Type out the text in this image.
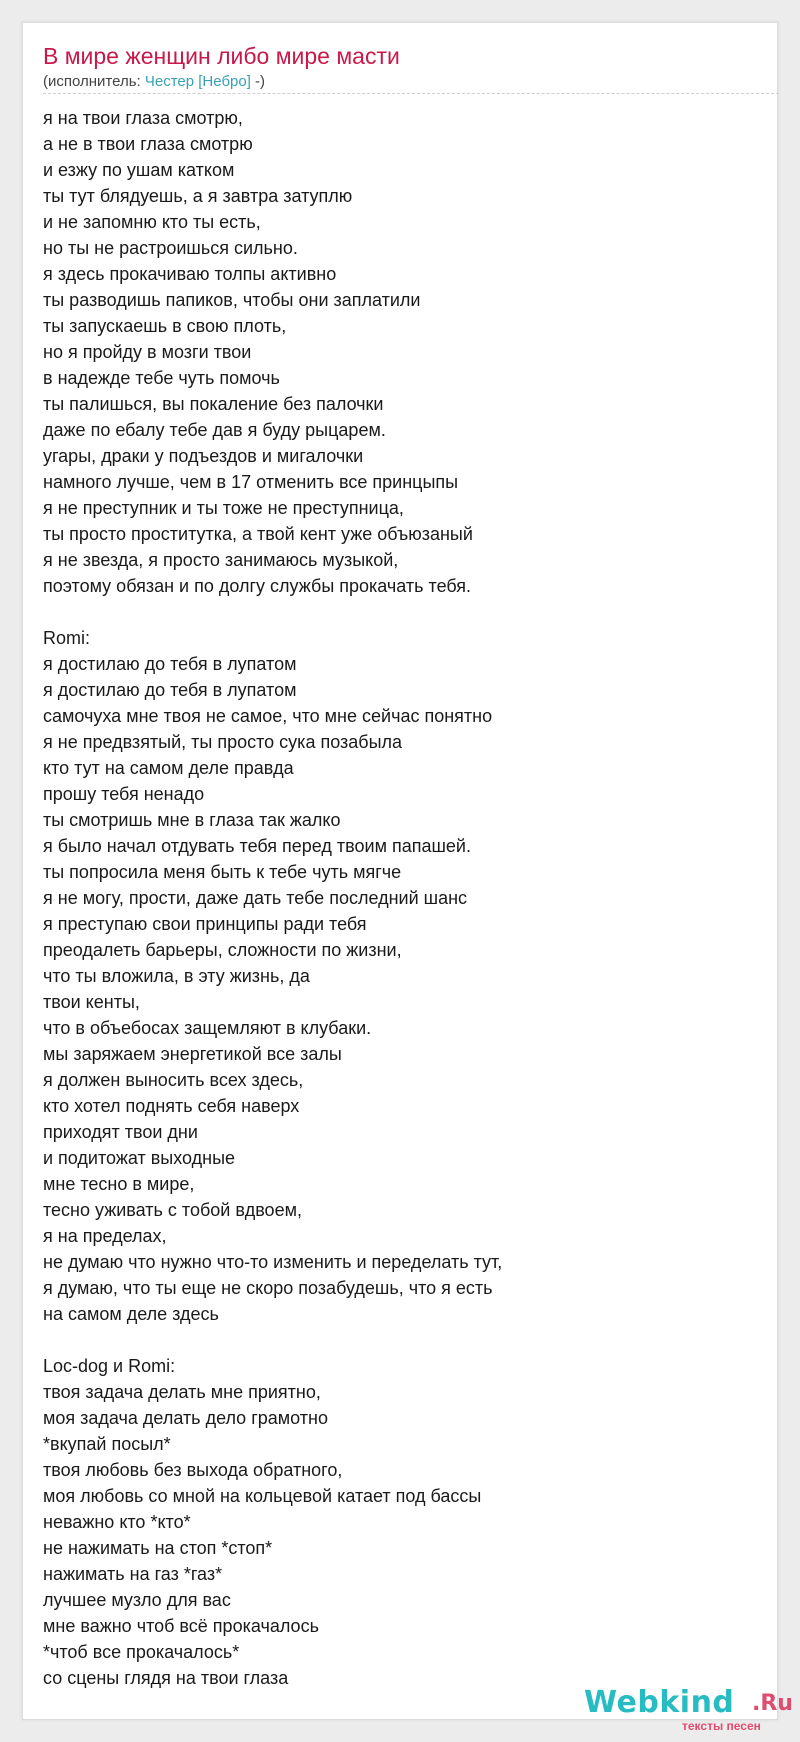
В мире женщин либо мире масти
(исполнитель: Честер [Небро] -)
я на твои глаза смотрю,
а не в твои глаза смотрю
и езжу по ушам катком
ты тут блядуешь, а я завтра затуплю
и не запомню кто ты есть,
но ты не растроишься сильно.
я здесь прокачиваю толпы активно
ты разводишь папиков, чтобы они заплатили
ты запускаешь в свою плоть,
но я пройду в мозги твои
в надежде тебе чуть помочь
ты палишься, вы покаление без палочки
даже по ебалу тебе дав я буду рыцарем.
угары, драки у подъездов и мигалочки
намного лучше, чем в 17 отменить все принцыпы
я не преступник и ты тоже не преступница,
ты просто проститутка, а твой кент уже объюзаный
я не звезда, я просто занимаюсь музыкой,
поэтому обязан и по долгу службы прокачать тебя.
Romi:
я достилаю до тебя в лупатом
я достилаю до тебя в лупатом
самочуха мне твоя не самое, что мне сейчас понятно
я не предвзятый, ты просто сука позабыла
кто тут на самом деле правда
прошу тебя ненадо
ты смотришь мне в глаза так жалко
я было начал отдувать тебя перед твоим папашей.
ты попросила меня быть к тебе чуть мягче
я не могу, прости, даже дать тебе последний шанс
я преступаю свои принципы ради тебя
преодалеть барьеры, сложности по жизни,
что ты вложила, в эту жизнь, да
твои кенты,
что в объебосах защемляют в клубаки.
мы заряжаем энергетикой все залы
я должен выносить всех здесь,
кто хотел поднять себя наверх
приходят твои дни
и подитожат выходные
мне тесно в мире,
тесно уживать с тобой вдвоем,
я на пределах,
не думаю что нужно что-то изменить и переделать тут,
я думаю, что ты еще не скоро позабудешь, что я есть
на самом деле здесь
Loc-dog и Romi:
твоя задача делать мне приятно,
моя задача делать дело грамотно
*вкупай посыл*
твоя любовь без выхода обратного,
моя любовь со мной на кольцевой катает под бассы
неважно кто *кто*
не нажимать на стоп *стоп*
нажимать на газ *газ*
лучшее музло для вас
мне важно чтоб всё прокачалось
*чтоб все прокачалось*
со сцены глядя на твои глаза
Webkind .Ru
тексты песен
